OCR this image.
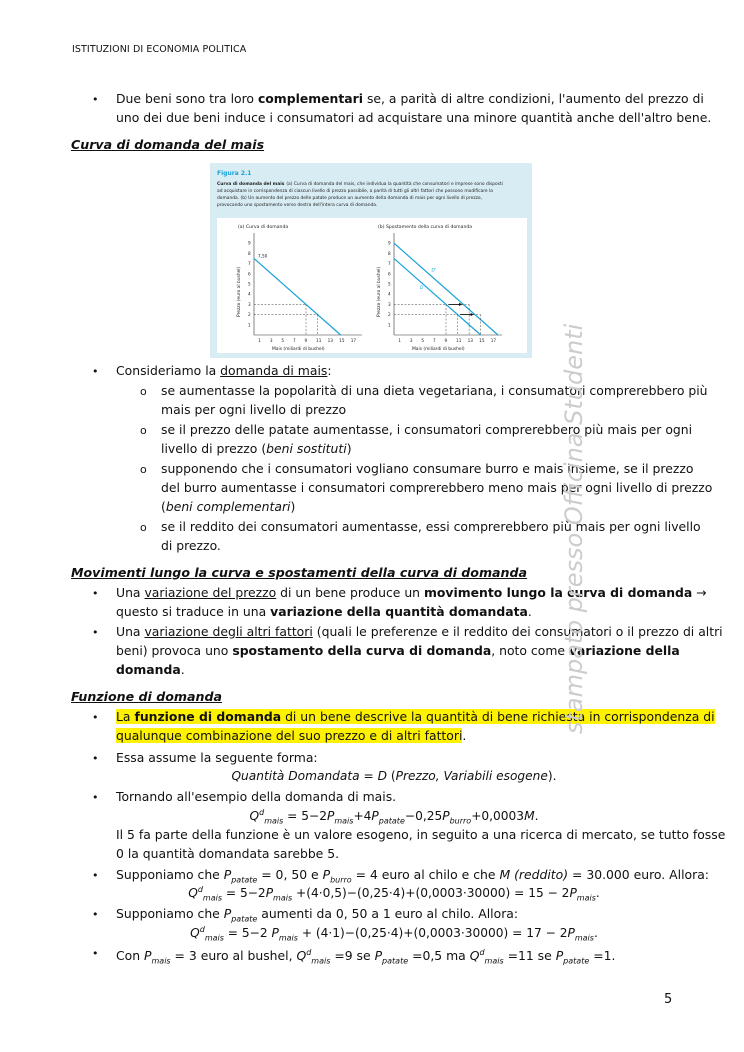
ISTITUZIONI DI ECONOMIA POLITICA
• Due beni sono tra loro complementari se, a parità di altre condizioni, l'aumento del prezzo di
uno dei due beni induce i consumatori ad acquistare una minore quantità anche dell'altro bene.
Curva di domanda del mais
Figura 2.1
Curva di domanda del mais (a) Curva di domanda del mais, che individua la quantità che consumatori e imprese sono disposti
ad acquistare in corrispondenza di ciascun livello di prezzo possibile, a parità di tutti gli altri fattori che possono modificare la
domanda. (b) Un aumento del prezzo delle patate produce un aumento della domanda di mais per ogni livello di prezzo,
provocando uno spostamento verso destra dell'intera curva di domanda.
(a) Curva di domanda
1
2
3
4
5
6
7
8
9
1 3 5 7 9 11 13 15 17
Mais (miliardi di bushel)
Prezzo (euro al bushel)
7,50
(b) Spostamento della curva di domanda
1
2
3
4
5
6
7
8
9
1 3 5 7 9 11 13 15 17
Mais (miliardi di bushel)
Prezzo (euro al bushel)	D
D'
• Consideriamo la domanda di mais:
o se aumentasse la popolarità di una dieta vegetariana, i consumatori comprerebbero più
mais per ogni livello di prezzo
o se il prezzo delle patate aumentasse, i consumatori comprerebbero più mais per ogni
livello di prezzo (beni sostituti)
o supponendo che i consumatori vogliano consumare burro e mais insieme, se il prezzo
del burro aumentasse i consumatori comprerebbero meno mais per ogni livello di prezzo
(beni complementari)
o se il reddito dei consumatori aumentasse, essi comprerebbero più mais per ogni livello
di prezzo.
Movimenti lungo la curva e spostamenti della curva di domanda
• Una variazione del prezzo di un bene produce un movimento lungo la curva di domanda →
questo si traduce in una variazione della quantità domandata.
• Una variazione degli altri fattori (quali le preferenze e il reddito dei consumatori o il prezzo di altri
beni) provoca uno spostamento della curva di domanda, noto come variazione della
domanda.
Funzione di domanda
• La funzione di domanda di un bene descrive la quantità di bene richiesta in corrispondenza di
qualunque combinazione del suo prezzo e di altri fattori.
• Essa assume la seguente forma:
Quantità Domandata = D (Prezzo, Variabili esogene).
• Tornando all'esempio della domanda di mais.
$Q^d_{mais} = 5-2P_{mais}+4P_{patate}-0,25P_{burro}+0,0003M$.
Il 5 fa parte della funzione è un valore esogeno, in seguito a una ricerca di mercato, se tutto fosse
0 la quantità domandata sarebbe 5.
• Supponiamo che $P_{patate} = 0$, 50 e $P_{burro} = 4$ euro al chilo e che M (reddito) = 30.000 euro. Allora:
$Q^d_{mais} = 5-2P_{mais} +(4\cdot 0,5)-(0,25\cdot 4)+(0,0003\cdot 30000) = 15 - 2P_{mais}$.
• Supponiamo che $P_{patate}$ aumenti da 0, 50 a 1 euro al chilo. Allora:
$Q^d_{mais} = 5-2$ $P_{mais} + (4\cdot 1)-(0,25\cdot 4)+(0,0003\cdot 30000) = 17 - 2P_{mais}$.
• Con $P_{mais} = 3$ euro al bushel, $Q^d_{mais} =9$ se $P_{patate} =0,5$ ma $Q^d_{mais} =11$ se $P_{patate} =1$.
stampato presso Officina Studenti
5
